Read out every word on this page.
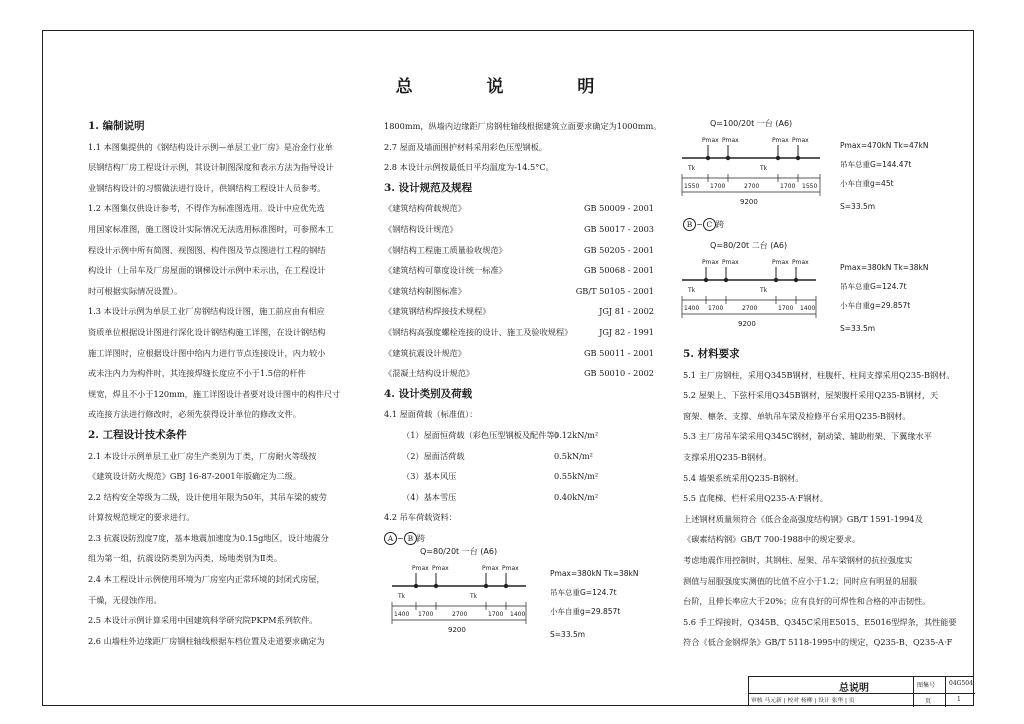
总 说 明

1. 编制说明

1.1 本图集提供的《钢结构设计示例—单层工业厂房》是冶金行业单

层钢结构厂房工程设计示例，其设计制图深度和表示方法为指导设计

业钢结构设计的习惯做法进行设计，供钢结构工程设计人员参考。

1.2 本图集仅供设计参考，不得作为标准图选用。设计中应优先选

用国家标准图，施工图设计实际情况无法选用标准图时，可参照本工

程设计示例中所有简图、视图图、构件图及节点图进行工程的钢结

构设计（上吊车及厂房屋面的钢梯设计示例中未示出，在工程设计

时可根据实际情况设置）。

1.3 本设计示例为单层工业厂房钢结构设计图，施工前应由有相应

资质单位根据设计图进行深化设计钢结构施工详图，在设计钢结构

施工详图时，应根据设计图中给内力进行节点连接设计，内力较小

或未注内力为构件时，其连接焊缝长度应不小于1.5倍的杆件

规宽，焊且不小于120mm，施工详图设计者要对设计图中的构件尺寸

或连接方法进行修改时，必须先获得设计单位的修改文件。

2. 工程设计技术条件

2.1 本设计示例单层工业厂房生产类别为丁类，厂房耐火等级按

《建筑设计防火规范》GBJ 16-87-2001年版确定为二级。

2.2 结构安全等级为二级，设计使用年限为50年，其吊车梁的疲劳

计算按规范规定的要求进行。

2.3 抗震设防烈度7度，基本地震加速度为0.15g地区，设计地震分

组为第一组，抗震设防类别为丙类，场地类别为Ⅱ类。

2.4 本工程设计示例使用环境为厂房室内正常环境的封闭式房屋，

干燥，无侵蚀作用。

2.5 本设计示例计算采用中国建筑科学研究院PKPM系列软件。

2.6 山墙柱外边缘距厂房钢柱轴线根据车档位置及走道要求确定为

1800mm，纵墙内边缘距厂房钢柱轴线根据建筑立面要求确定为1000mm。

2.7 屋面及墙面围护材料采用彩色压型钢板。

2.8 本设计示例按最低日平均温度为-14.5°C。

3. 设计规范及规程

《建筑结构荷载规范》	GB 50009 - 2001
《钢结构设计规范》	GB 50017 - 2003
《钢结构工程施工质量验收规范》	GB 50205 - 2001
《建筑结构可靠度设计统一标准》	GB 50068 - 2001
《建筑结构制图标准》	GB/T 50105 - 2001
《建筑钢结构焊接技术规程》	JGJ 81 - 2002
《钢结构高强度螺栓连接的设计、施工及验收规程》	JGJ 82 - 1991
《建筑抗震设计规范》	GB 50011 - 2001
《混凝土结构设计规范》	GB 50010 - 2002

4. 设计类别及荷载

4.1 屋面荷载（标准值）：

（1）屋面恒荷载（彩色压型钢板及配件等）
0.12kN/m²
（2）屋面活荷载	0.5kN/m²
（3）基本风压	0.55kN/m²
（4）基本雪压	0.40kN/m²

4.2 吊车荷载资料：

A ~ B 跨

Q=80/20t 一台 (A6)
Pmax Pmax	Pmax Pmax
Tk	Tk
1400 1700	2700	1700 1400
9200
Pmax=380kN Tk=38kN
吊车总重G=124.7t
小车自重g=29.857t
S=33.5m
Q=100/20t 一台 (A6)
Pmax Pmax	Pmax Pmax
Tk	Tk
1550 1700	2700	1700 1550
9200
Pmax=470kN Tk=47kN
吊车总重G=144.47t
小车自重g=45t
S=33.5m
B ~ C 跨
Q=80/20t 二台 (A6)
Pmax Pmax	Pmax Pmax
Tk	Tk
1400 1700	2700	1700 1400
9200
Pmax=380kN Tk=38kN
吊车总重G=124.7t
小车自重g=29.857t
S=33.5m

5. 材料要求

5.1 主厂房钢柱，采用Q345B钢材，柱腹杆、柱间支撑采用Q235-B钢材。

5.2 屋架上、下弦杆采用Q345B钢材，屋架腹杆采用Q235-B钢材，天

窗架、檩条、支撑、单轨吊车梁及检修平台采用Q235-B钢材。

5.3 主厂房吊车梁采用Q345C钢材，制动梁、辅助桁架、下翼缘水平

支撑采用Q235-B钢材。

5.4 墙架系统采用Q235-B钢材。

5.5 直爬梯、栏杆采用Q235-A·F钢材。

上述钢材质量须符合《低合金高强度结构钢》GB/T 1591-1994及

《碳素结构钢》GB/T 700-1988中的规定要求。

考虑地震作用控制时，其钢柱、屋架、吊车梁钢材的抗拉强度实

测值与屈服强度实测值的比值不应小于1.2；同时应有明显的屈服

台阶，且伸长率应大于20%；应有良好的可焊性和合格的冲击韧性。

5.6 手工焊接时，Q345B、Q345C采用E5015、E5016型焊条，其性能要

符合《低合金钢焊条》GB/T 5118-1995中的规定，Q235-B、Q235-A·F

总说明	图集号 04G504
页	1
审核 马元新 | 校对 杨柳 | 设计 张华 | 页
